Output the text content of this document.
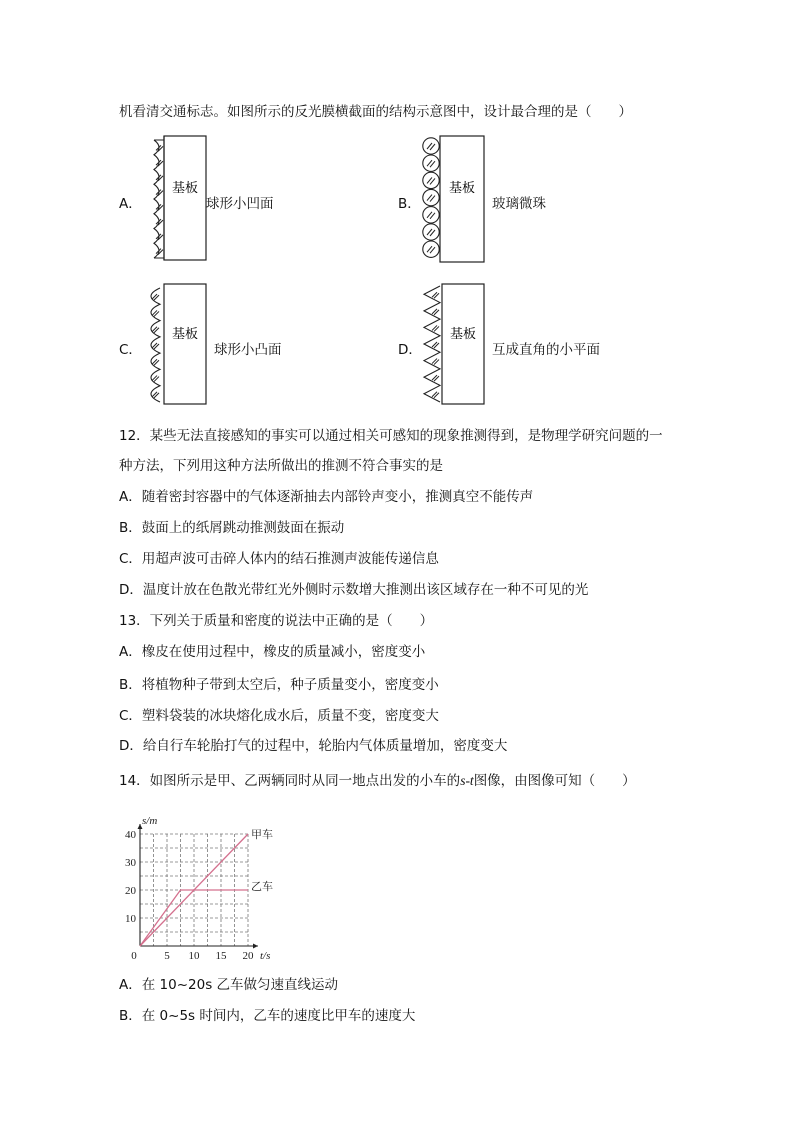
机看清交通标志。如图所示的反光膜横截面的结构示意图中，设计最合理的是（　　）
A．
基板
球形小凹面	B．
基板
玻璃微珠
C．
基板
球形小凸面	D．
基板
互成直角的小平面
12．某些无法直接感知的事实可以通过相关可感知的现象推测得到，是物理学研究问题的一
种方法，下列用这种方法所做出的推测不符合事实的是
A．随着密封容器中的气体逐渐抽去内部铃声变小，推测真空不能传声
B．鼓面上的纸屑跳动推测鼓面在振动
C．用超声波可击碎人体内的结石推测声波能传递信息
D．温度计放在色散光带红光外侧时示数增大推测出该区域存在一种不可见的光
13．下列关于质量和密度的说法中正确的是（　　）
A．橡皮在使用过程中，橡皮的质量减小，密度变小
B．将植物种子带到太空后，种子质量变小，密度变小
C．塑料袋装的冰块熔化成水后，质量不变，密度变大
D．给自行车轮胎打气的过程中，轮胎内气体质量增加，密度变大
14．如图所示是甲、乙两辆同时从同一地点出发的小车的s-t图像，由图像可知（　　）
0	5 10 15 20
10
20
30
40	甲车
乙车
s/m
t/s
A．在 10~20s 乙车做匀速直线运动
B．在 0~5s 时间内，乙车的速度比甲车的速度大
